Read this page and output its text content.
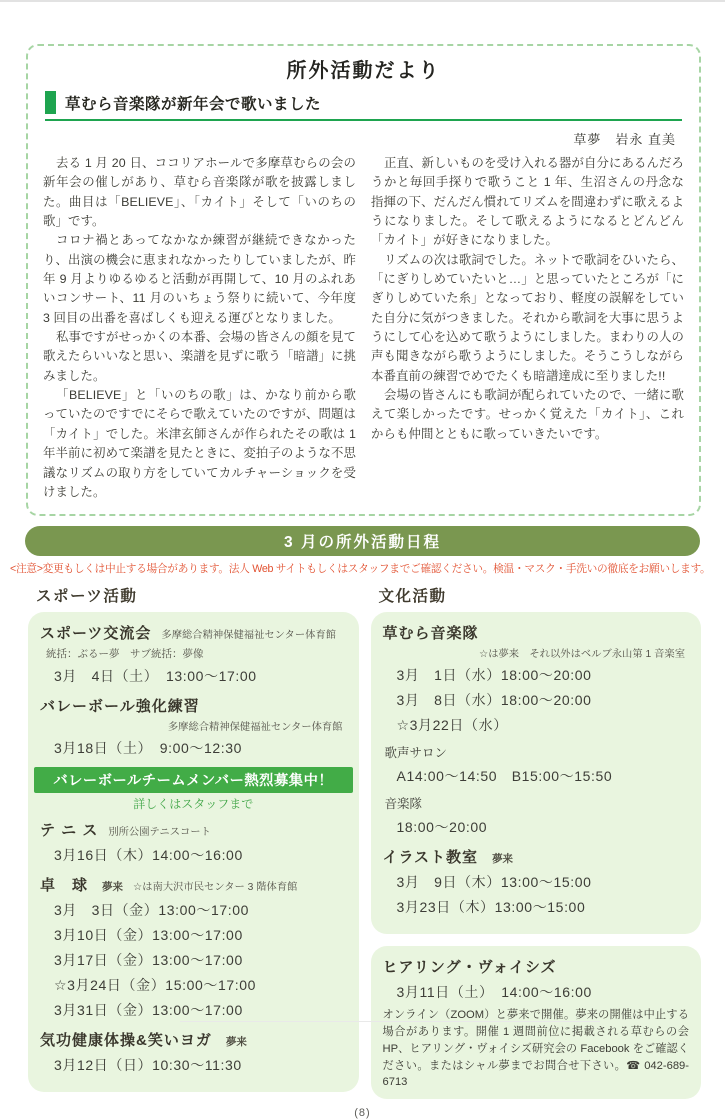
所外活動だより
草むら音楽隊が新年会で歌いました
草夢　岩永 直美

去る 1 月 20 日、ココリアホールで多摩草むらの会の新年会の催しがあり、草むら音楽隊が歌を披露しました。曲目は「BELIEVE」、「カイト」そして「いのちの歌」です。

コロナ禍とあってなかなか練習が継続できなかったり、出演の機会に恵まれなかったりしていましたが、昨年 9 月よりゆるゆると活動が再開して、10 月のふれあいコンサート、11 月のいちょう祭りに続いて、今年度 3 回目の出番を喜ばしくも迎える運びとなりました。

私事ですがせっかくの本番、会場の皆さんの顔を見て歌えたらいいなと思い、楽譜を見ずに歌う「暗譜」に挑みました。

「BELIEVE」と「いのちの歌」は、かなり前から歌っていたのですでにそらで歌えていたのですが、問題は「カイト」でした。米津玄師さんが作られたその歌は 1 年半前に初めて楽譜を見たときに、変拍子のような不思議なリズムの取り方をしていてカルチャーショックを受けました。

正直、新しいものを受け入れる器が自分にあるんだろうかと毎回手探りで歌うこと 1 年、生沼さんの丹念な指揮の下、だんだん慣れてリズムを間違わずに歌えるようになりました。そして歌えるようになるとどんどん「カイト」が好きになりました。

リズムの次は歌詞でした。ネットで歌詞をひいたら、「にぎりしめていたいと…」と思っていたところが「にぎりしめていた糸」となっており、軽度の誤解をしていた自分に気がつきました。それから歌詞を大事に思うようにして心を込めて歌うようにしました。まわりの人の声も聞きながら歌うようにしました。そうこうしながら本番直前の練習でめでたくも暗譜達成に至りました!!

会場の皆さんにも歌詞が配られていたので、一緒に歌えて楽しかったです。せっかく覚えた「カイト」、これからも仲間とともに歌っていきたいです。

3 月の所外活動日程
<注意>変更もしくは中止する場合があります。法人 Web サイトもしくはスタッフまでご確認ください。検温・マスク・手洗いの徹底をお願いします。
スポーツ活動
スポーツ交流会 多摩総合精神保健福祉センター体育館
統括：ぶるー夢　サブ統括：夢像
3月　4日（土）　13:00～17:00
バレーボール強化練習
多摩総合精神保健福祉センター体育館
3月18日（土）　9:00～12:30
バレーボールチームメンバー熱烈募集中！
詳しくはスタッフまで
テ ニ ス 別所公園テニスコート
3月16日（木）14:00～16:00
卓　球 夢来 ☆は南大沢市民センター 3 階体育館
3月　3日（金）13:00～17:00
3月10日（金）13:00～17:00
3月17日（金）13:00～17:00
☆3月24日（金）15:00～17:00
3月31日（金）13:00～17:00
気功健康体操&笑いヨガ 夢来
3月12日（日）10:30～11:30
文化活動
草むら音楽隊
☆は夢来　それ以外はベルブ永山第 1 音楽室
3月　1日（水）18:00～20:00
3月　8日（水）18:00～20:00
☆3月22日（水）
歌声サロン
A14:00～14:50　B15:00～15:50
音楽隊
18:00～20:00
イラスト教室 夢来
3月　9日（木）13:00～15:00
3月23日（木）13:00～15:00
ヒアリング・ヴォイシズ
3月11日（土）　14:00～16:00
オンライン（ZOOM）と夢来で開催。夢来の開催は中止する場合があります。開催 1 週間前位に掲載される草むらの会 HP、ヒアリング・ヴォイシズ研究会の Facebook をご確認ください。またはシャル夢までお問合せ下さい。☎ 042-689-6713
(8)
